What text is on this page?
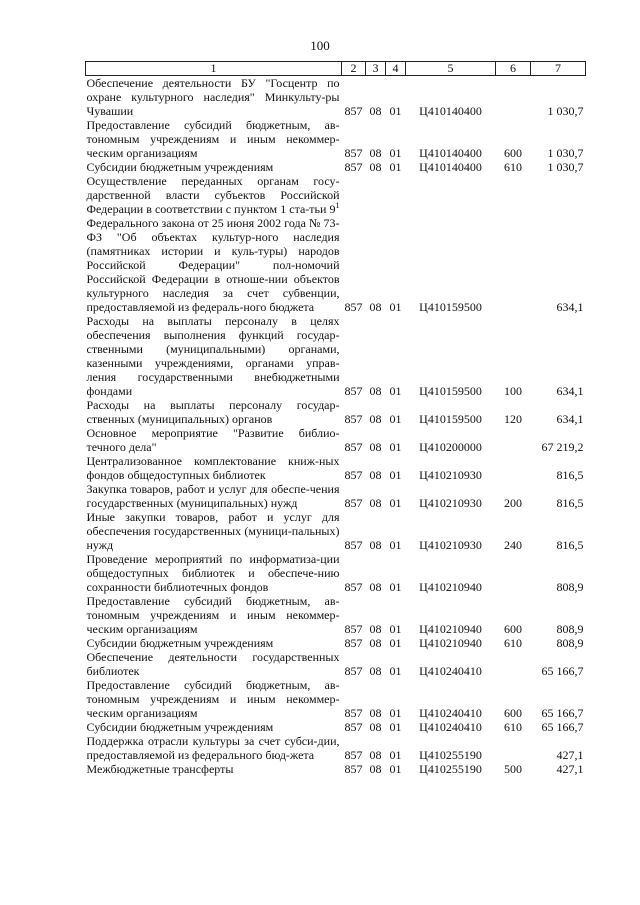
100
1	2	3	4	5	6	7
Обеспечение деятельности БУ "Госцентр по охране культурного наследия" Минкульту-ры Чувашии	857	08	01	Ц410140400		1 030,7
Предоставление субсидий бюджетным, ав-тономным учреждениям и иным некоммер-ческим организациям	857	08	01	Ц410140400	600	1 030,7
Субсидии бюджетным учреждениям	857	08	01	Ц410140400	610	1 030,7
Осуществление переданных органам госу-дарственной власти субъектов Российской Федерации в соответствии с пунктом 1 ста-тьи $9^1$ Федерального закона от 25 июня 2002 года № 73-ФЗ "Об объектах культур-ного наследия (памятниках истории и куль-туры) народов Российской Федерации" пол-номочий Российской Федерации в отноше-нии объектов культурного наследия за счет субвенции, предоставляемой из федераль-ного бюджета	857	08	01	Ц410159500		634,1
Расходы на выплаты персоналу в целях обеспечения выполнения функций государ-ственными (муниципальными) органами, казенными учреждениями, органами управ-ления государственными внебюджетными фондами	857	08	01	Ц410159500	100	634,1
Расходы на выплаты персоналу государ-ственных (муниципальных) органов	857	08	01	Ц410159500	120	634,1
Основное мероприятие "Развитие библио-течного дела"	857	08	01	Ц410200000		67 219,2
Централизованное комплектование книж-ных фондов общедоступных библиотек	857	08	01	Ц410210930		816,5
Закупка товаров, работ и услуг для обеспе-чения государственных (муниципальных) нужд	857	08	01	Ц410210930	200	816,5
Иные закупки товаров, работ и услуг для обеспечения государственных (муници-пальных) нужд	857	08	01	Ц410210930	240	816,5
Проведение мероприятий по информатиза-ции общедоступных библиотек и обеспече-нию сохранности библиотечных фондов	857	08	01	Ц410210940		808,9
Предоставление субсидий бюджетным, ав-тономным учреждениям и иным некоммер-ческим организациям	857	08	01	Ц410210940	600	808,9
Субсидии бюджетным учреждениям	857	08	01	Ц410210940	610	808,9
Обеспечение деятельности государственных библиотек	857	08	01	Ц410240410		65 166,7
Предоставление субсидий бюджетным, ав-тономным учреждениям и иным некоммер-ческим организациям	857	08	01	Ц410240410	600	65 166,7
Субсидии бюджетным учреждениям	857	08	01	Ц410240410	610	65 166,7
Поддержка отрасли культуры за счет субси-дии, предоставляемой из федерального бюд-жета	857	08	01	Ц410255190		427,1
Межбюджетные трансферты	857	08	01	Ц410255190	500	427,1
